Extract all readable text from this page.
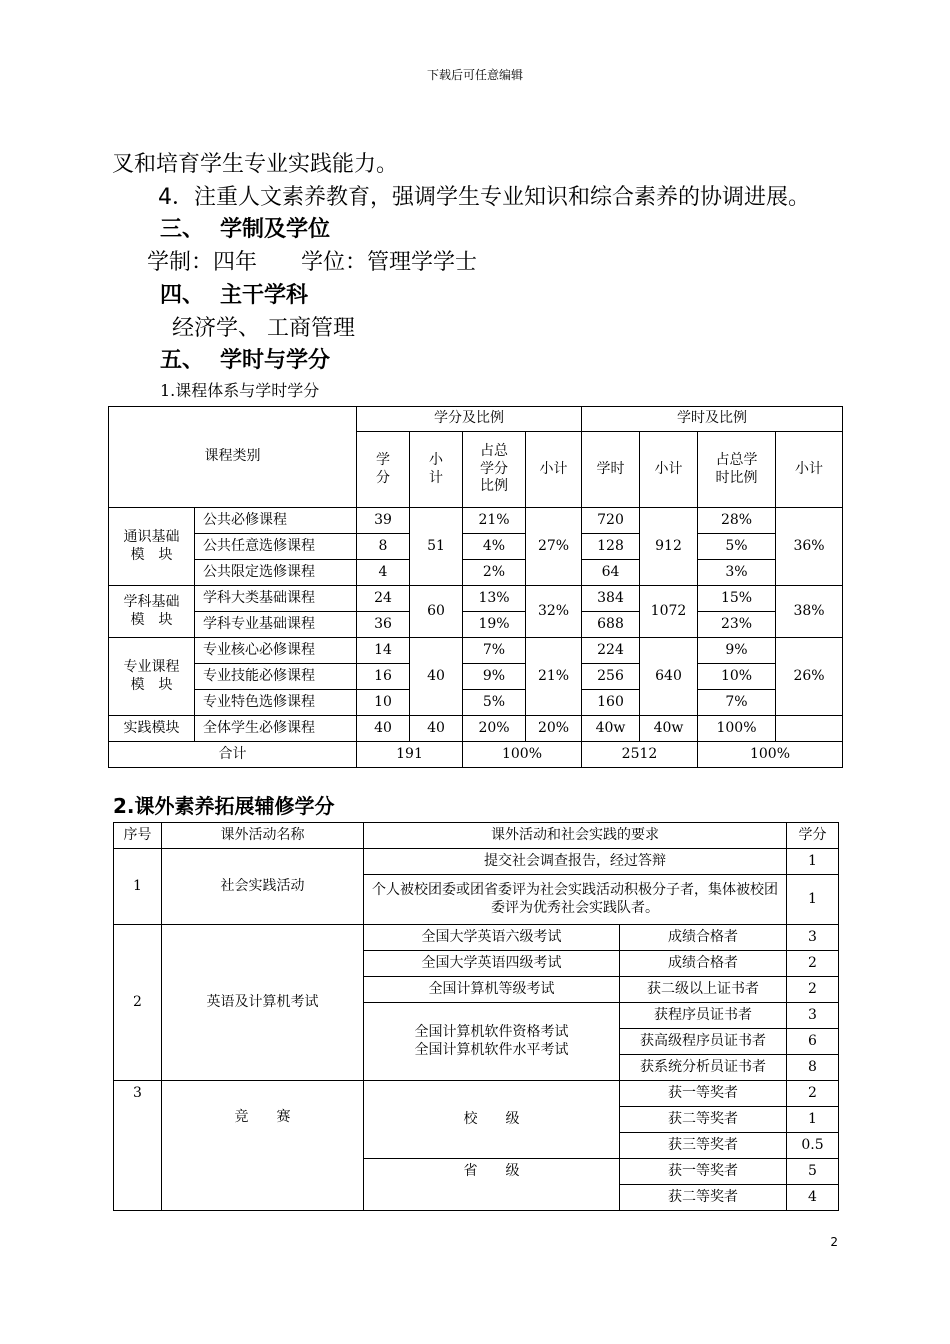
下载后可任意编辑
叉和培育学生专业实践能力。
4．注重人文素养教育，强调学生专业知识和综合素养的协调进展。
三、 学制及学位
学制：四年　　学位：管理学学士
四、 主干学科
经济学、 工商管理
五、 学时与学分
1.课程体系与学时学分
课程类别		学分及比例				学时及比例			

		学分	小计	占总学分比例	小计	学时	小计	占总学时比例	小计

通识基础模　块	公共必修课程	39	51	21%	27%	720	912	28%	36%
	公共任意选修课程	8		4%		128		5%	
	公共限定选修课程	4		2%		64		3%	

学科基础模　块	学科大类基础课程	24	60	13%	32%	384	1072	15%	38%
	学科专业基础课程	36		19%		688		23%	

专业课程模　块	专业核心必修课程	14	40	7%	21%	224	640	9%	26%
	专业技能必修课程	16		9%		256		10%	
	专业特色选修课程	10		5%		160		7%	
实践模块	全体学生必修课程	40	40	20%	20%	40w	40w	100%	
合计		191		100%		2512		100%	
2.课外素养拓展辅修学分
序号	课外活动名称	课外活动和社会实践的要求		学分
1	社会实践活动	提交社会调查报告，经过答辩		1
		个人被校团委或团省委评为社会实践活动积极分子者，集体被校团委评为优秀社会实践队者。		1
2	英语及计算机考试	全国大学英语六级考试	成绩合格者	3
		全国大学英语四级考试	成绩合格者	2
		全国计算机等级考试	获二级以上证书者	2

		全国计算机软件资格考试
全国计算机软件水平考试	获程序员证书者	3
			获高级程序员证书者	6
			获系统分析员证书者	8
3	竞　　赛	校　　级	获一等奖者	2
			获二等奖者	1
			获三等奖者	0.5
		省　　级	获一等奖者	5
			获二等奖者	4
2
